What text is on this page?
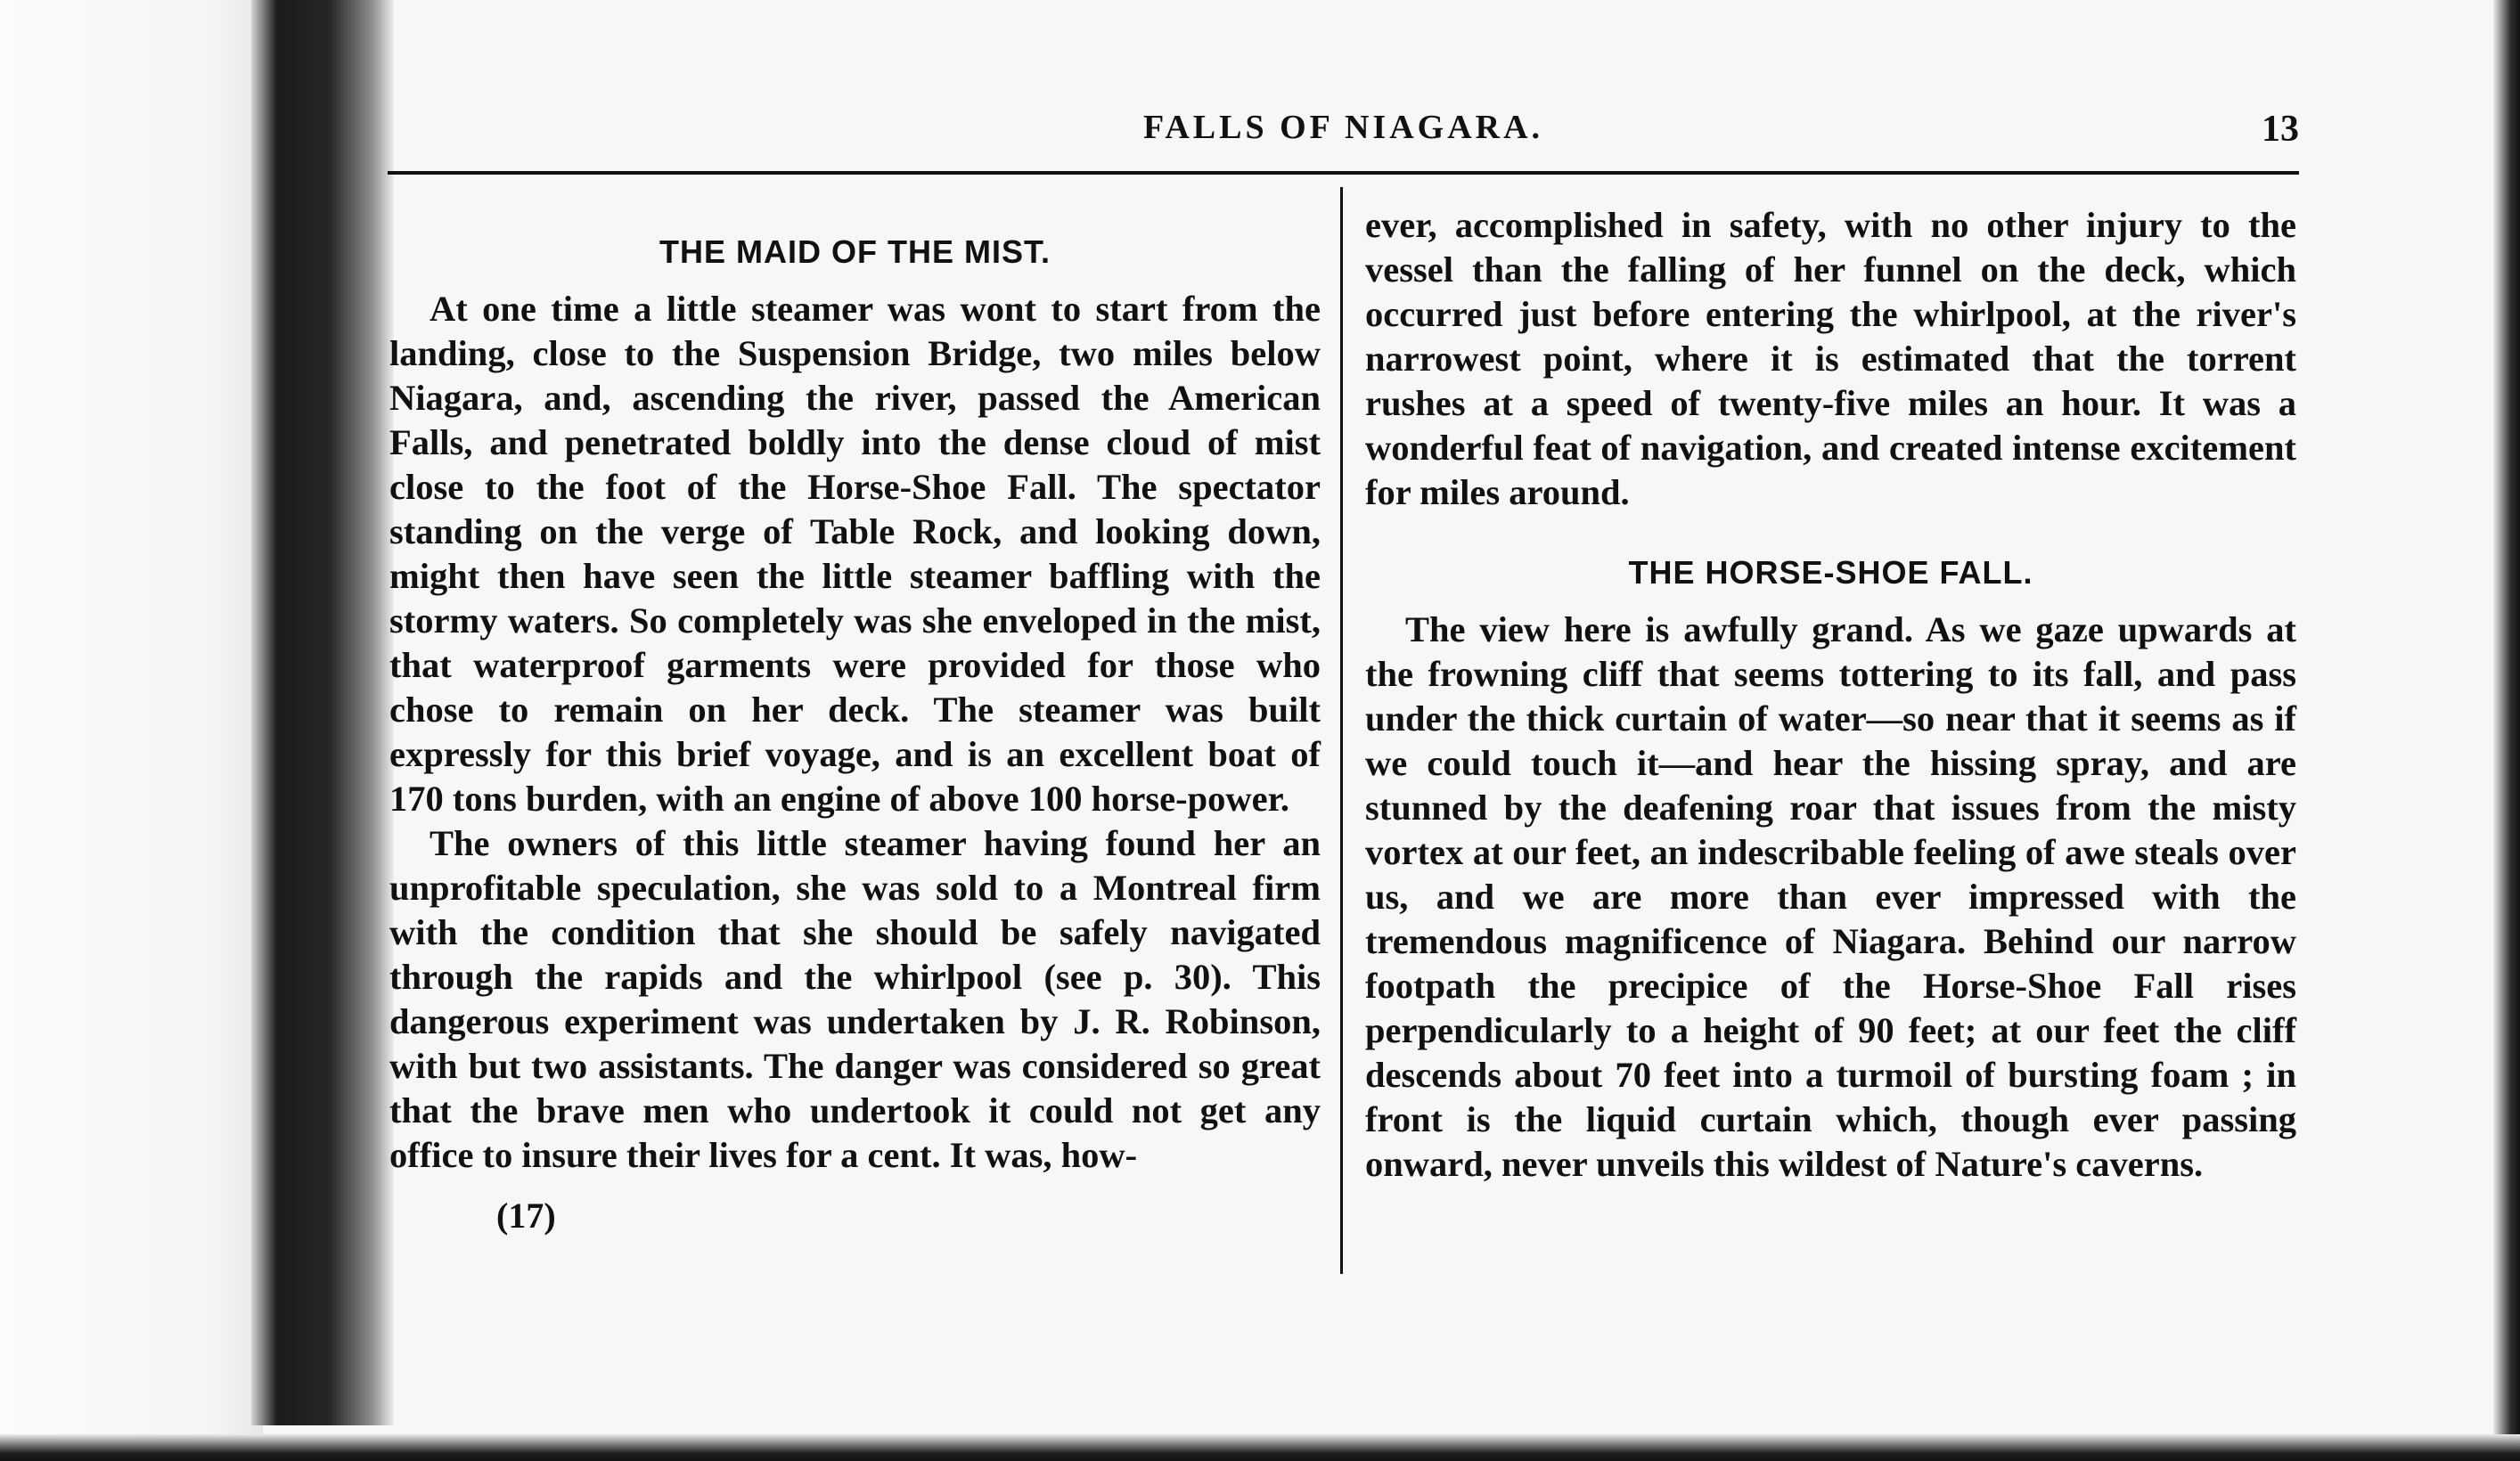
FALLS OF NIAGARA.	13
THE MAID OF THE MIST.

At one time a little steamer was wont to start from the landing, close to the Suspension Bridge, two miles below Niagara, and, ascending the river, passed the American Falls, and penetrated boldly into the dense cloud of mist close to the foot of the Horse-Shoe Fall. The spectator standing on the verge of Table Rock, and looking down, might then have seen the little steamer baffling with the stormy waters. So completely was she enveloped in the mist, that waterproof garments were provided for those who chose to remain on her deck. The steamer was built expressly for this brief voyage, and is an excellent boat of 170 tons burden, with an engine of above 100 horse-power.

The owners of this little steamer having found her an unprofitable speculation, she was sold to a Montreal firm with the condition that she should be safely navigated through the rapids and the whirlpool (see p. 30). This dangerous experiment was undertaken by J. R. Robinson, with but two assistants. The danger was considered so great that the brave men who undertook it could not get any office to insure their lives for a cent. It was, how-

(17)

ever, accomplished in safety, with no other injury to the vessel than the falling of her funnel on the deck, which occurred just before entering the whirlpool, at the river's narrowest point, where it is estimated that the torrent rushes at a speed of twenty-five miles an hour. It was a wonderful feat of navigation, and created intense excitement for miles around.

THE HORSE-SHOE FALL.

The view here is awfully grand. As we gaze upwards at the frowning cliff that seems tottering to its fall, and pass under the thick curtain of water—so near that it seems as if we could touch it—and hear the hissing spray, and are stunned by the deafening roar that issues from the misty vortex at our feet, an indescribable feeling of awe steals over us, and we are more than ever impressed with the tremendous magnificence of Niagara. Behind our narrow footpath the precipice of the Horse-Shoe Fall rises perpendicularly to a height of 90 feet; at our feet the cliff descends about 70 feet into a turmoil of bursting foam ; in front is the liquid curtain which, though ever passing onward, never unveils this wildest of Nature's caverns.
